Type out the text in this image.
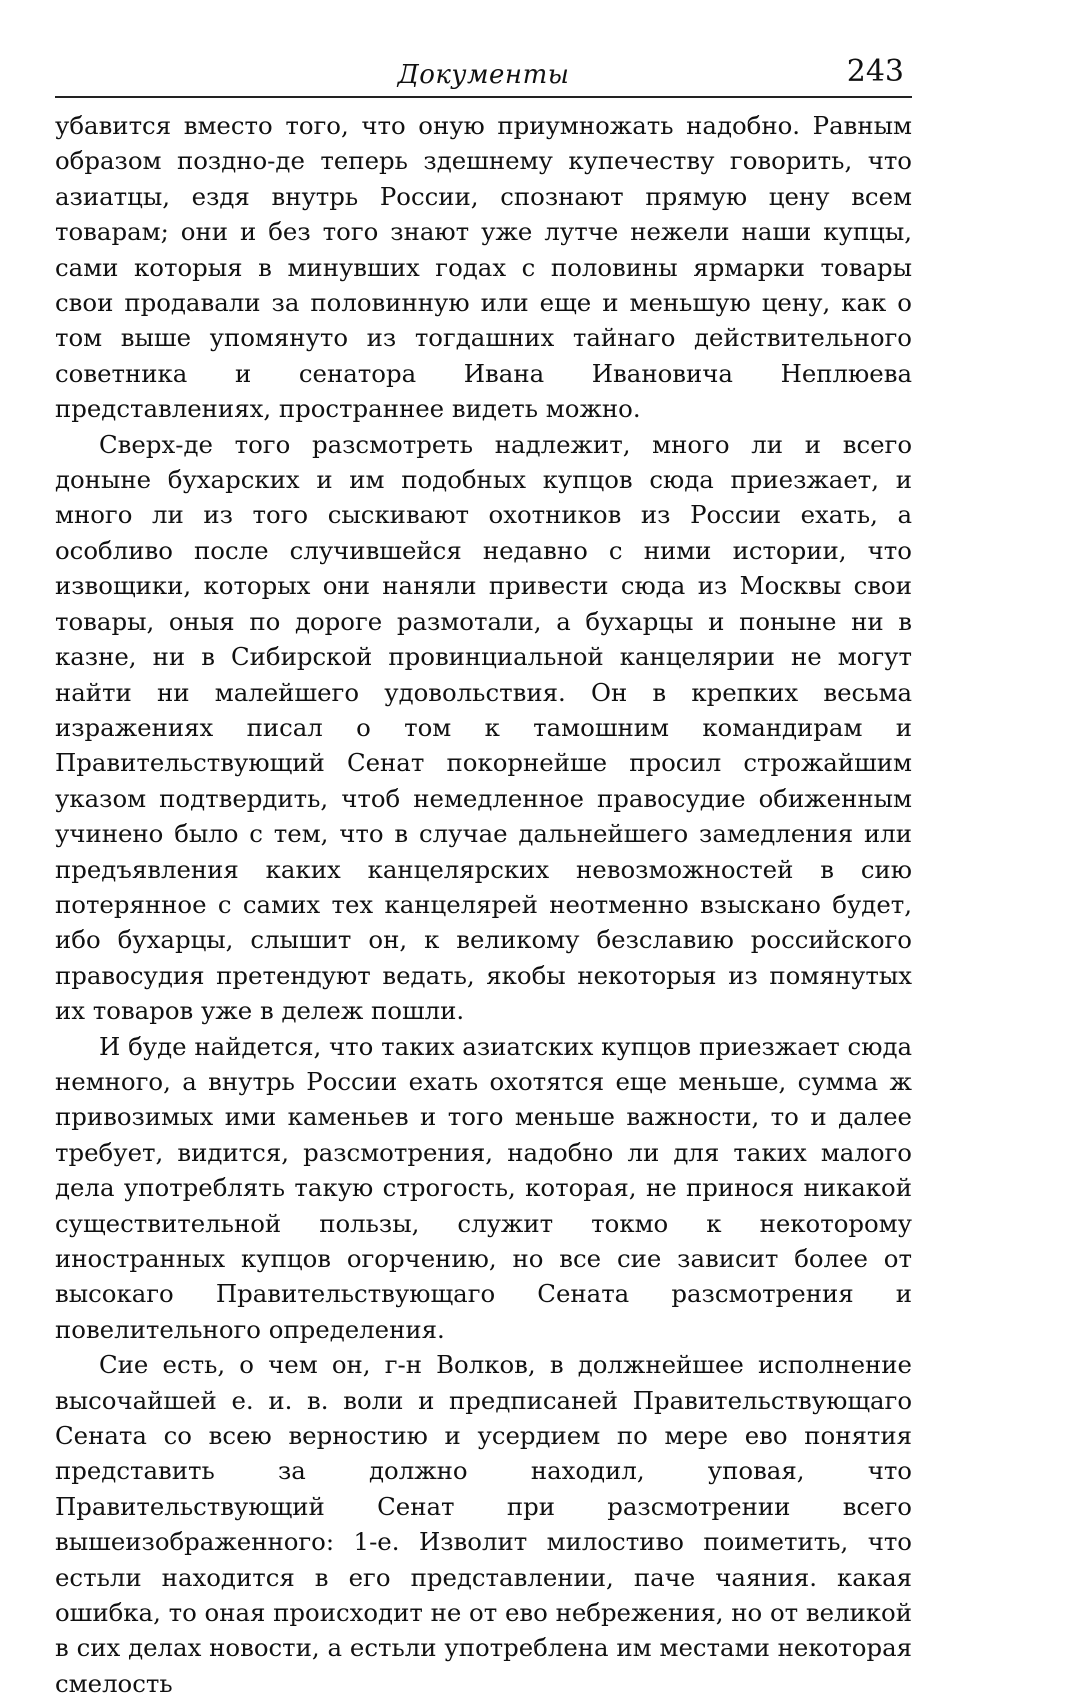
Документы	243

убавится вместо того, что оную приумножать надобно. Равным образом поздно-де теперь здешнему купечеству говорить, что азиатцы, ездя внутрь России, спознают прямую цену всем товарам; они и без того знают уже лутче нежели наши купцы, сами которыя в минувших годах с половины ярмарки товары свои продавали за половинную или еще и меньшую цену, как о том выше упомянуто из тогдашних тайнаго действительного советника и сенатора Ивана Ивановича Неплюева представлениях, пространнее видеть можно.

Сверх-де того разсмотреть надлежит, много ли и всего доныне бухарских и им подобных купцов сюда приезжает, и много ли из того сыскивают охотников из России ехать, а особливо после случившейся недавно с ними истории, что извощики, которых они наняли привести сюда из Москвы свои товары, оныя по дороге размотали, а бухарцы и поныне ни в казне, ни в Сибирской провинциальной канцелярии не могут найти ни малейшего удовольствия. Он в крепких весьма изражениях писал о том к тамошним командирам и Правительствующий Сенат покорнейше просил строжайшим указом подтвердить, чтоб немедленное правосудие обиженным учинено было с тем, что в случае дальнейшего замедления или предъявления каких канцелярских невозможностей в сию потерянное с самих тех канцелярей неотменно взыскано будет, ибо бухарцы, слышит он, к великому безславию российского правосудия претендуют ведать, якобы некоторыя из помянутых их товаров уже в дележ пошли.

И буде найдется, что таких азиатских купцов приезжает сюда немного, а внутрь России ехать охотятся еще меньше, сумма ж привозимых ими каменьев и того меньше важности, то и далее требует, видится, разсмотрения, надобно ли для таких малого дела употреблять такую строгость, которая, не принося никакой существительной пользы, служит токмо к некоторому иностранных купцов огорчению, но все сие зависит более от высокаго Правительствующаго Сената разсмотрения и повелительного определения.

Сие есть, о чем он, г-н Волков, в должнейшее исполнение высочайшей е. и. в. воли и предписаней Правительствующаго Сената со всею верностию и усердием по мере ево понятия представить за должно находил, уповая, что Правительствующий Сенат при разсмотрении всего вышеизображенного: 1-е. Изволит милостиво поиметить, что естьли находится в его представлении, паче чаяния. какая ошибка, то оная происходит не от ево небрежения, но от великой в сих делах новости, а естьли употреблена им местами некоторая смелость
